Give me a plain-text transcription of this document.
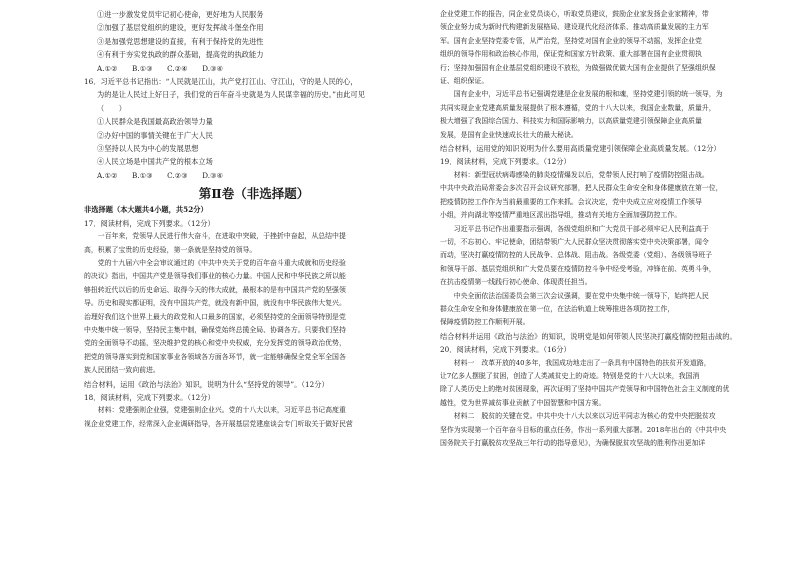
①进一步激发党员牢记初心使命，更好地为人民服务
②加强了基层党组织的建设，更好发挥战斗堡垒作用
③是加强党思想建设的直接，有利于保持党的先进性
④有利于夯实党执政的群众基础，提高党的执政能力
A.①②　　B.①③　　C.②④　　D.③④
16．习近平总书记指出：“人民就是江山，共产党打江山、守江山，守的是人民的心，
为的是让人民过上好日子，我们党的百年奋斗史就是为人民谋幸福的历史。”由此可见
（　　）
①人民群众是我国最高政治领导力量
②办好中国的事情关键在于广大人民
③坚持以人民为中心的发展思想
④人民立场是中国共产党的根本立场
A.①②　　B.①③　　C.②③　　D.③④
第Ⅱ卷（非选择题）
非选择题（本大题共4小题，共52分）
17．阅读材料，完成下列要求。（12分）
　　一百年来，党领导人民进行伟大奋斗，在进取中突破，于挫折中奋起，从总结中提
高，积累了宝贵的历史经验，第一条就是坚持党的领导。
　　党的十九届六中全会审议通过的《中共中央关于党的百年奋斗重大成就和历史经验
的决议》指出，中国共产党是领导我们事业的核心力量。中国人民和中华民族之所以能
够扭转近代以后的历史命运、取得今天的伟大成就，最根本的是有中国共产党的坚强领
导。历史和现实都证明，没有中国共产党，就没有新中国，就没有中华民族伟大复兴。
治理好我们这个世界上最大的政党和人口最多的国家，必须坚持党的全面领导特别是党
中央集中统一领导，坚持民主集中制，确保党始终总揽全局、协调各方。只要我们坚持
党的全面领导不动摇，坚决维护党的核心和党中央权威，充分发挥党的领导政治优势，
把党的领导落实到党和国家事业各领域各方面各环节，就一定能够确保全党全军全国各
族人民团结一致向前进。
结合材料，运用《政治与法治》知识，说明为什么“坚持党的领导”。（12分）
18．阅读材料，完成下列要求。（12分）
　　材料：党建强则企业强，党建强则企业兴。党的十八大以来，习近平总书记高度重
视企业党建工作，经常深入企业调研指导，各开展基层党建座谈会专门听取关于做好民营
企业党建工作的报告，同企业党员谈心，听取党员建议，鼓励企业家发扬企业家精神，带
领企业努力成为新时代构建新发展格局、建设现代化经济体系、推动高质量发展的主力军
军。国有企业坚持党委专管，从严治党，坚持党对国有企业的领导不动摇，发挥企业党
组织的领导作用和政治核心作用，保证党和国家方针政策、重大部署在国有企业贯彻执
行；坚持加强国有企业基层党组织建设不放松，为做强做优做大国有企业提供了坚强组织保
证、组织保证。
　　国有企业中，习近平总书记强调党建是企业发展的根和魂，坚持党建引领的统一领导，为
共同实现企业党建高质量发展提供了根本遵循，党的十八大以来，我国企业数量，质量升，
极大增强了我国综合国力、科技实力和国际影响力，以高质量党建引领保障企业高质量
发展，是国有企业快速成长壮大的最大秘诀。
结合材料，运用党的知识说明为什么要用高质量党建引领保障企业高质量发展。（12分）
19．阅读材料，完成下列要求。（12分）
　　材料：新型冠状病毒感染的肺炎疫情爆发以后，党带领人民打响了疫情防控阻击战。
中共中央政治局常委会多次召开会议研究部署，把人民群众生命安全和身体健康放在第一位，
把疫情防控工作作为当前最重要的工作来抓。会议决定，党中央成立应对疫情工作领导
小组，并向湖北等疫情严重地区派出指导组，推动有关地方全面加强防控工作。
　　习近平总书记作出重要指示强调，各级党组织和广大党员干部必须牢记人民利益高于
一切，不忘初心、牢记使命，团结带领广大人民群众坚决贯彻落实党中央决策部署，闻令
而动，坚决打赢疫情防控的人民战争、总体战、阻击战。各级党委（党组）、各级领导班子
和领导干部、基层党组织和广大党员要在疫情防控斗争中经受考验，冲锋在前、英勇斗争，
在抗击疫情第一线践行初心使命、体现责任担当。
　　中央全面依法治国委员会第三次会议强调，要在党中央集中统一领导下，始终把人民
群众生命安全和身体健康放在第一位，在法治轨道上统筹推进各项防控工作，
保障疫情防控工作顺利开展。
结合材料并运用《政治与法治》的知识，说明党是如何带领人民坚决打赢疫情防控阻击战的。
20．阅读材料，完成下列要求。（16分）
　　材料一　改革开放的40多年，我国成功地走出了一条具有中国特色的扶贫开发道路，
让7亿多人摆脱了贫困，创造了人类减贫史上的奇迹。特别是党的十八大以来，我国消
除了人类历史上的绝对贫困现象，再次证明了坚持中国共产党领导和中国特色社会主义制度的优
越性，党为世界减贫事业贡献了中国智慧和中国方案。
　　材料二　脱贫的关键在党。中共中央十八大以来以习近平同志为核心的党中央把脱贫攻
坚作为实现第一个百年奋斗目标的重点任务，作出一系列重大部署。2018年出台的《中共中央
国务院关于打赢脱贫攻坚战三年行动的指导意见》，为确保脱贫攻坚战的胜利作出更加详
